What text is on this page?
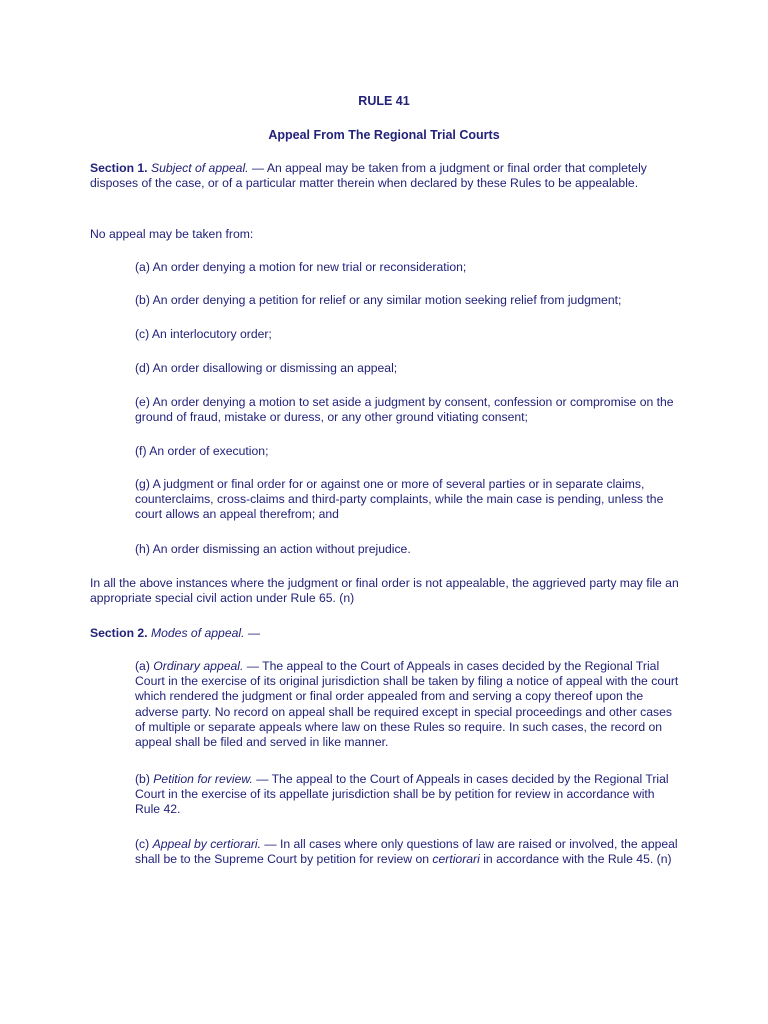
RULE 41
Appeal From The Regional Trial Courts

Section 1. Subject of appeal. — An appeal may be taken from a judgment or final order that completely disposes of the case, or of a particular matter therein when declared by these Rules to be appealable.

No appeal may be taken from:

(a) An order denying a motion for new trial or reconsideration;

(b) An order denying a petition for relief or any similar motion seeking relief from judgment;

(c) An interlocutory order;

(d) An order disallowing or dismissing an appeal;

(e) An order denying a motion to set aside a judgment by consent, confession or compromise on the ground of fraud, mistake or duress, or any other ground vitiating consent;

(f) An order of execution;

(g) A judgment or final order for or against one or more of several parties or in separate claims, counterclaims, cross-claims and third-party complaints, while the main case is pending, unless the court allows an appeal therefrom; and

(h) An order dismissing an action without prejudice.

In all the above instances where the judgment or final order is not appealable, the aggrieved party may file an appropriate special civil action under Rule 65. (n)

Section 2. Modes of appeal. —

(a) Ordinary appeal. — The appeal to the Court of Appeals in cases decided by the Regional Trial Court in the exercise of its original jurisdiction shall be taken by filing a notice of appeal with the court which rendered the judgment or final order appealed from and serving a copy thereof upon the adverse party. No record on appeal shall be required except in special proceedings and other cases of multiple or separate appeals where law on these Rules so require. In such cases, the record on appeal shall be filed and served in like manner.

(b) Petition for review. — The appeal to the Court of Appeals in cases decided by the Regional Trial Court in the exercise of its appellate jurisdiction shall be by petition for review in accordance with Rule 42.

(c) Appeal by certiorari. — In all cases where only questions of law are raised or involved, the appeal shall be to the Supreme Court by petition for review on certiorari in accordance with the Rule 45. (n)
